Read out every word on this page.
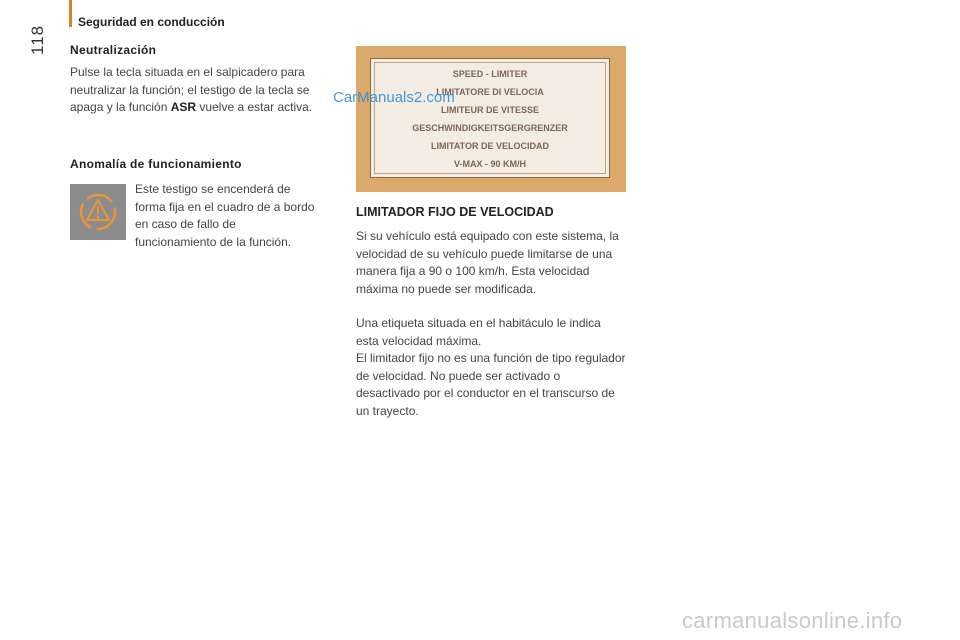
Seguridad en conducción
118 Neutralización
Pulse la tecla situada en el salpicadero para neutralizar la función; el testigo de la tecla se apaga y la función ASR vuelve a estar activa.
Anomalía de funcionamiento
Este testigo se encenderá de forma fija en el cuadro de a bordo en caso de fallo de funcionamiento de la función.
SPEED - LIMITER
LIMITATORE DI VELOCIA
LIMITEUR DE VITESSE
GESCHWINDIGKEITSGERGRENZER
LIMITATOR DE VELOCIDAD
V-MAX - 90 KM/H
CarManuals2.com
LIMITADOR FIJO DE VELOCIDAD
Si su vehículo está equipado con este sistema, la velocidad de su vehículo puede limitarse de una manera fija a 90 o 100 km/h. Esta velocidad máxima no puede ser modificada.
Una etiqueta situada en el habitáculo le indica esta velocidad máxima.
El limitador fijo no es una función de tipo regulador de velocidad. No puede ser activado o desactivado por el conductor en el transcurso de un trayecto.
carmanualsonline.info
